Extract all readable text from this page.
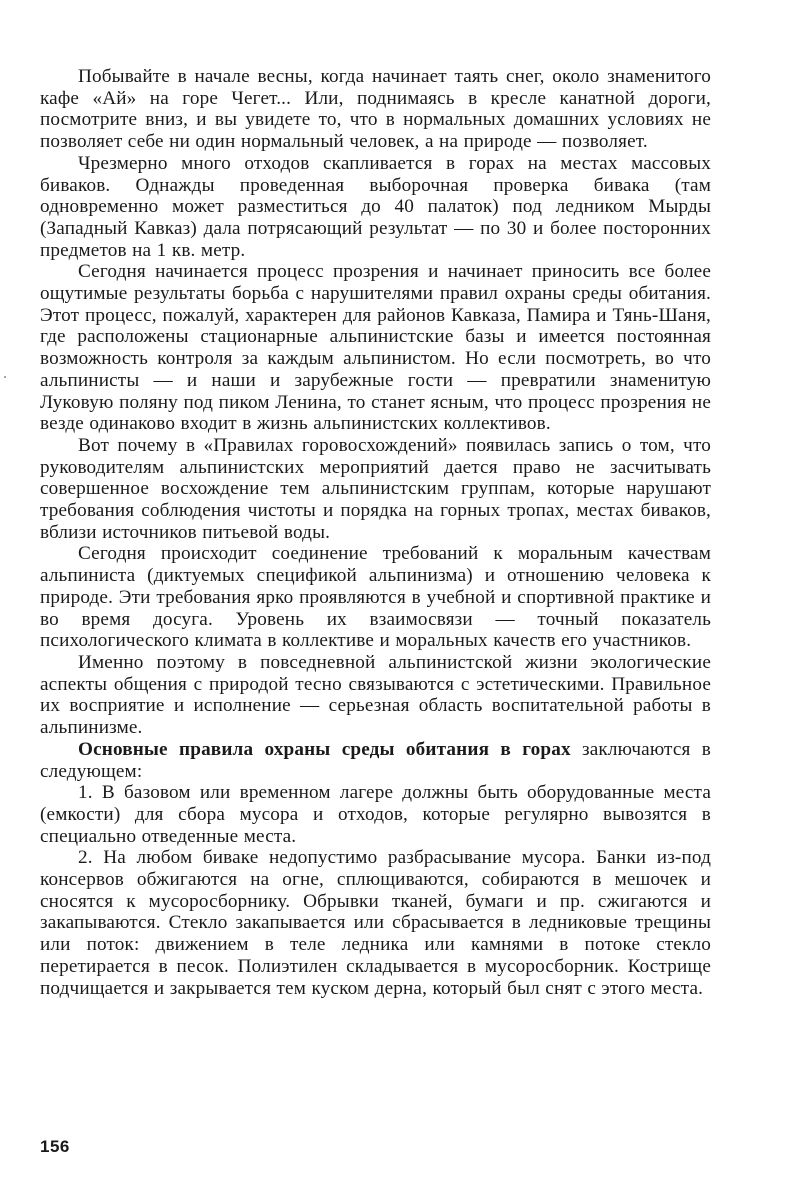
Побывайте в начале весны, когда начинает таять снег, около знаменитого кафе «Ай» на горе Чегет... Или, поднимаясь в кресле канатной дороги, посмотрите вниз, и вы увидете то, что в нормальных домашних условиях не позволяет себе ни один нормальный человек, а на природе — позволяет.

Чрезмерно много отходов скапливается в горах на местах массовых биваков. Однажды проведенная выборочная проверка бивака (там одновременно может разместиться до 40 палаток) под ледником Мырды (Западный Кавказ) дала потрясающий результат — по 30 и более посторонних предметов на 1 кв. метр.

Сегодня начинается процесс прозрения и начинает приносить все более ощутимые результаты борьба с нарушителями правил охраны среды обитания. Этот процесс, пожалуй, характерен для районов Кавказа, Памира и Тянь-Шаня, где расположены стационарные альпинистские базы и имеется постоянная возможность контроля за каждым альпинистом. Но если посмотреть, во что альпинисты — и наши и зарубежные гости — превратили знаменитую Луковую поляну под пиком Ленина, то станет ясным, что процесс прозрения не везде одинаково входит в жизнь альпинистских коллективов.

Вот почему в «Правилах горовосхождений» появилась запись о том, что руководителям альпинистских мероприятий дается право не засчитывать совершенное восхождение тем альпинистским группам, которые нарушают требования соблюдения чистоты и порядка на горных тропах, местах биваков, вблизи источников питьевой воды.

Сегодня происходит соединение требований к моральным качествам альпиниста (диктуемых спецификой альпинизма) и отношению человека к природе. Эти требования ярко проявляются в учебной и спортивной практике и во время досуга. Уровень их взаимосвязи — точный показатель психологического климата в коллективе и моральных качеств его участников.

Именно поэтому в повседневной альпинистской жизни экологические аспекты общения с природой тесно связываются с эстетическими. Правильное их восприятие и исполнение — серьезная область воспитательной работы в альпинизме.

Основные правила охраны среды обитания в горах заключаются в следующем:

1. В базовом или временном лагере должны быть оборудованные места (емкости) для сбора мусора и отходов, которые регулярно вывозятся в специально отведенные места.

2. На любом биваке недопустимо разбрасывание мусора. Банки из-под консервов обжигаются на огне, сплющиваются, собираются в мешочек и сносятся к мусоросборнику. Обрывки тканей, бумаги и пр. сжигаются и закапываются. Стекло закапывается или сбрасывается в ледниковые трещины или поток: движением в теле ледника или камнями в потоке стекло перетирается в песок. Полиэтилен складывается в мусоросборник. Кострище подчищается и закрывается тем куском дерна, который был снят с этого места.

156
